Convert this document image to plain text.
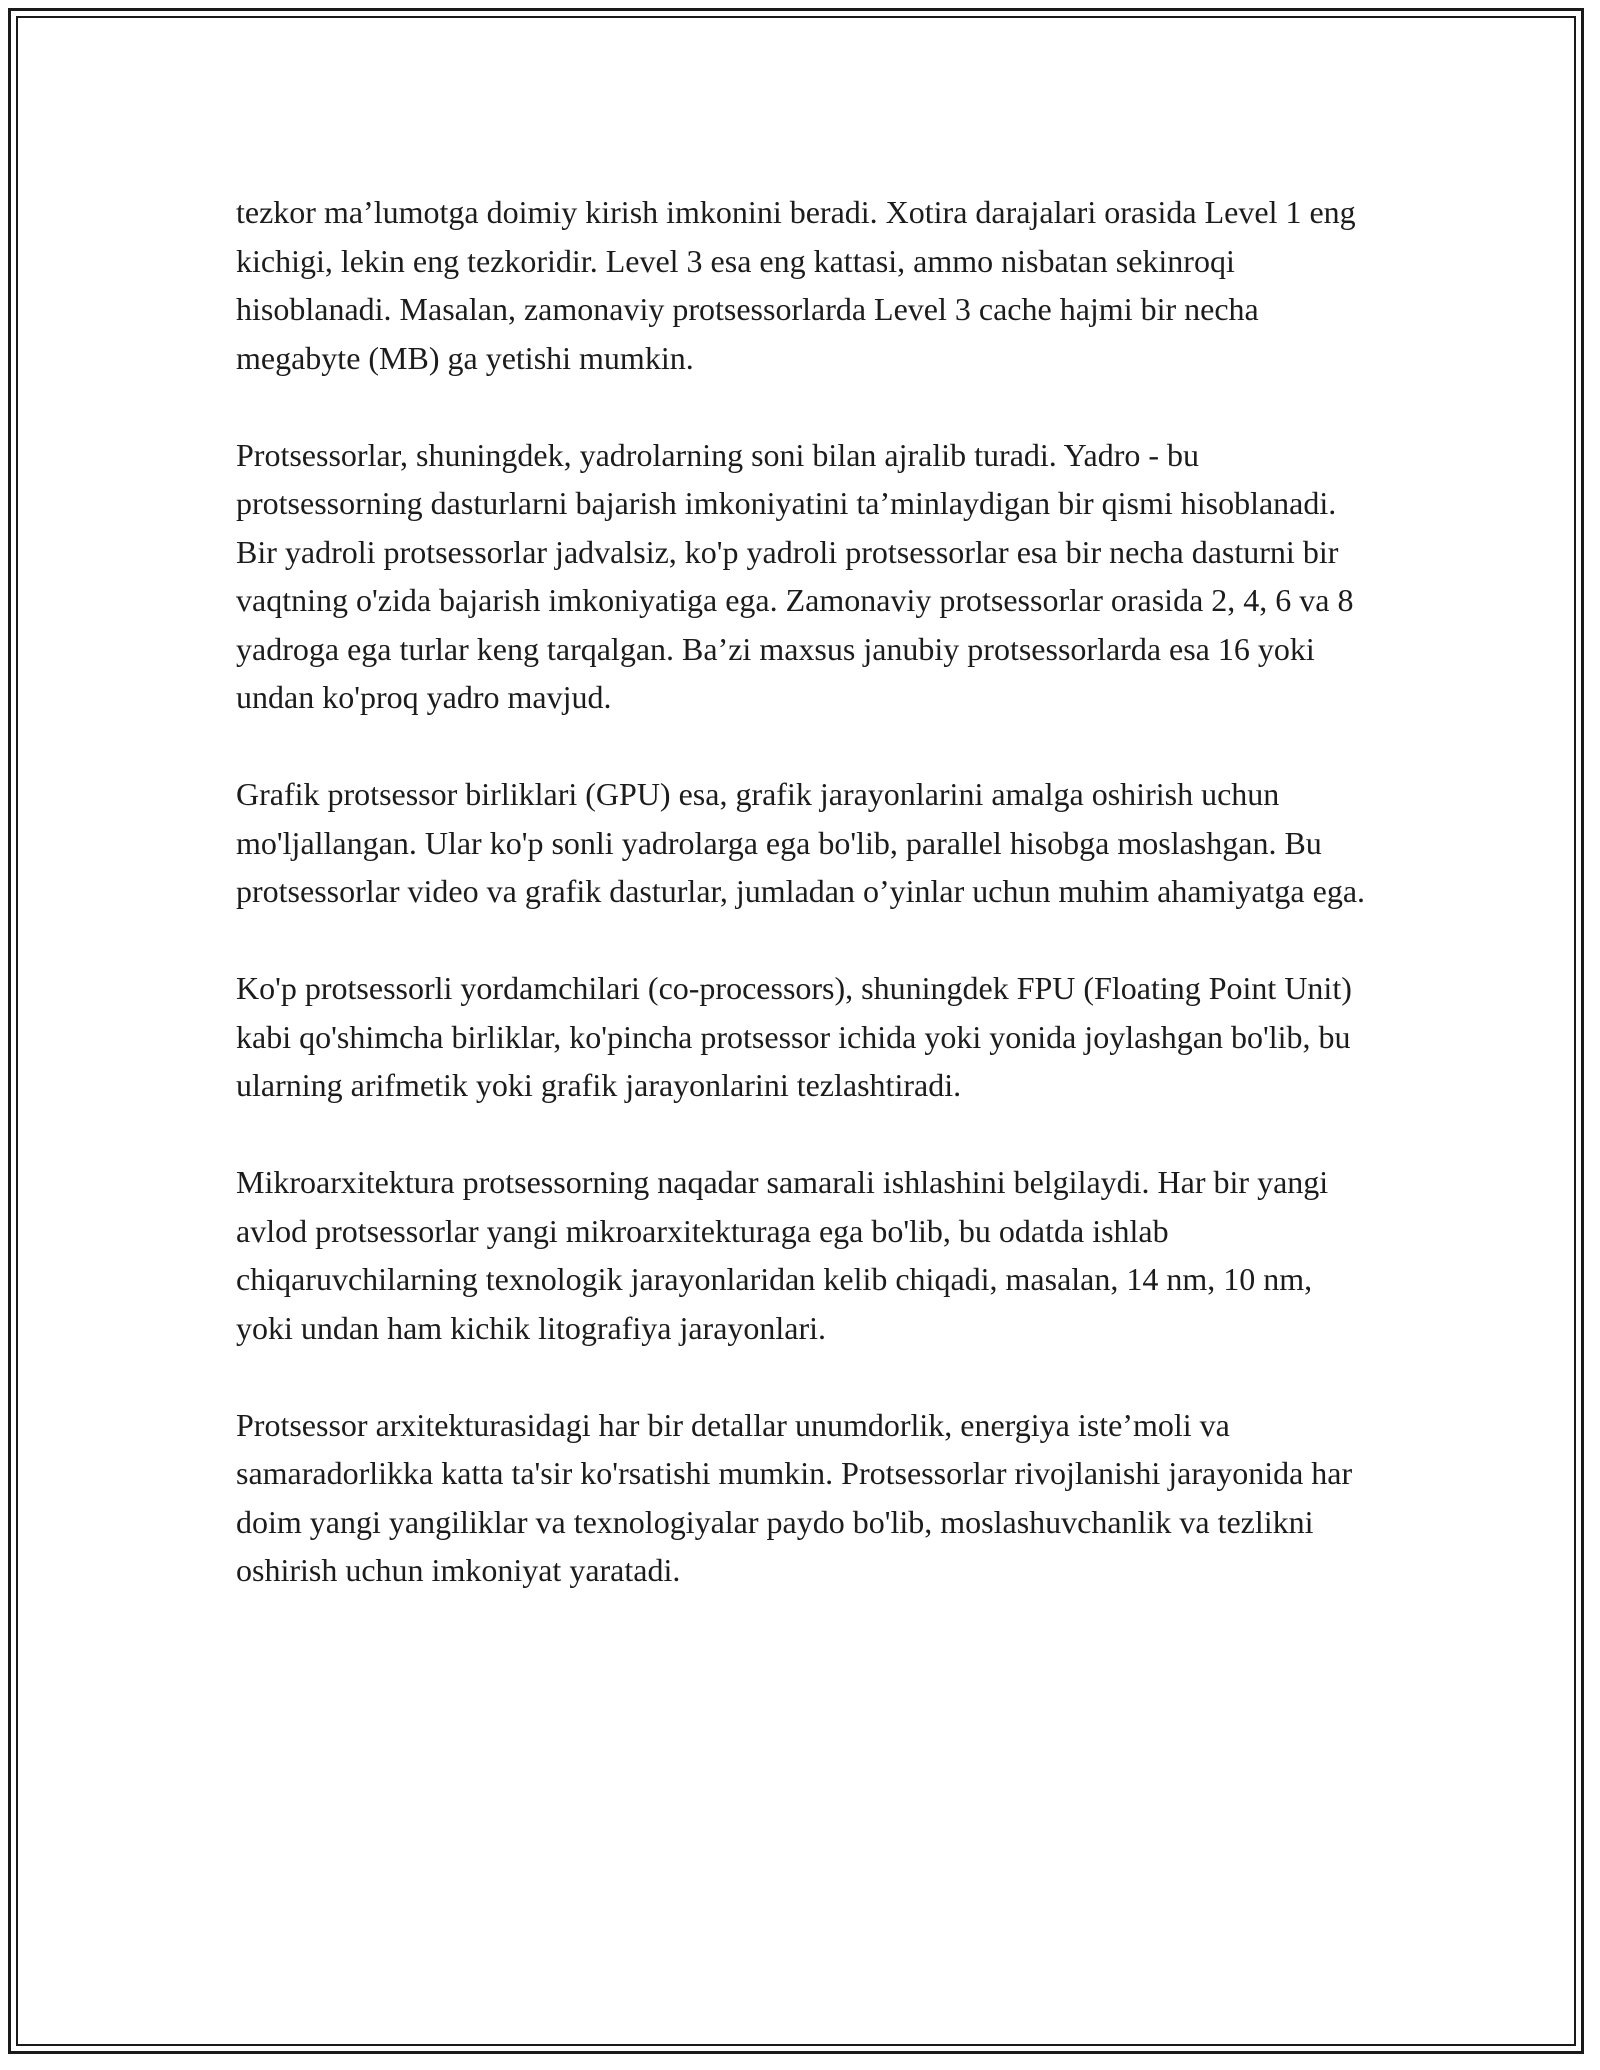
tezkor ma’lumotga doimiy kirish imkonini beradi. Xotira darajalari orasida Level 1 eng kichigi, lekin eng tezkoridir. Level 3 esa eng kattasi, ammo nisbatan sekinroqi hisoblanadi. Masalan, zamonaviy protsessorlarda Level 3 cache hajmi bir necha megabyte (MB) ga yetishi mumkin.

Protsessorlar, shuningdek, yadrolarning soni bilan ajralib turadi. Yadro - bu protsessorning dasturlarni bajarish imkoniyatini ta’minlaydigan bir qismi hisoblanadi. Bir yadroli protsessorlar jadvalsiz, ko'p yadroli protsessorlar esa bir necha dasturni bir vaqtning o'zida bajarish imkoniyatiga ega. Zamonaviy protsessorlar orasida 2, 4, 6 va 8 yadroga ega turlar keng tarqalgan. Ba’zi maxsus janubiy protsessorlarda esa 16 yoki undan ko'proq yadro mavjud.

Grafik protsessor birliklari (GPU) esa, grafik jarayonlarini amalga oshirish uchun mo'ljallangan. Ular ko'p sonli yadrolarga ega bo'lib, parallel hisobga moslashgan. Bu protsessorlar video va grafik dasturlar, jumladan o’yinlar uchun muhim ahamiyatga ega.

Ko'p protsessorli yordamchilari (co-processors), shuningdek FPU (Floating Point Unit) kabi qo'shimcha birliklar, ko'pincha protsessor ichida yoki yonida joylashgan bo'lib, bu ularning arifmetik yoki grafik jarayonlarini tezlashtiradi.

Mikroarxitektura protsessorning naqadar samarali ishlashini belgilaydi. Har bir yangi avlod protsessorlar yangi mikroarxitekturaga ega bo'lib, bu odatda ishlab chiqaruvchilarning texnologik jarayonlaridan kelib chiqadi, masalan, 14 nm, 10 nm, yoki undan ham kichik litografiya jarayonlari.

Protsessor arxitekturasidagi har bir detallar unumdorlik, energiya iste’moli va samaradorlikka katta ta'sir ko'rsatishi mumkin. Protsessorlar rivojlanishi jarayonida har doim yangi yangiliklar va texnologiyalar paydo bo'lib, moslashuvchanlik va tezlikni oshirish uchun imkoniyat yaratadi.
